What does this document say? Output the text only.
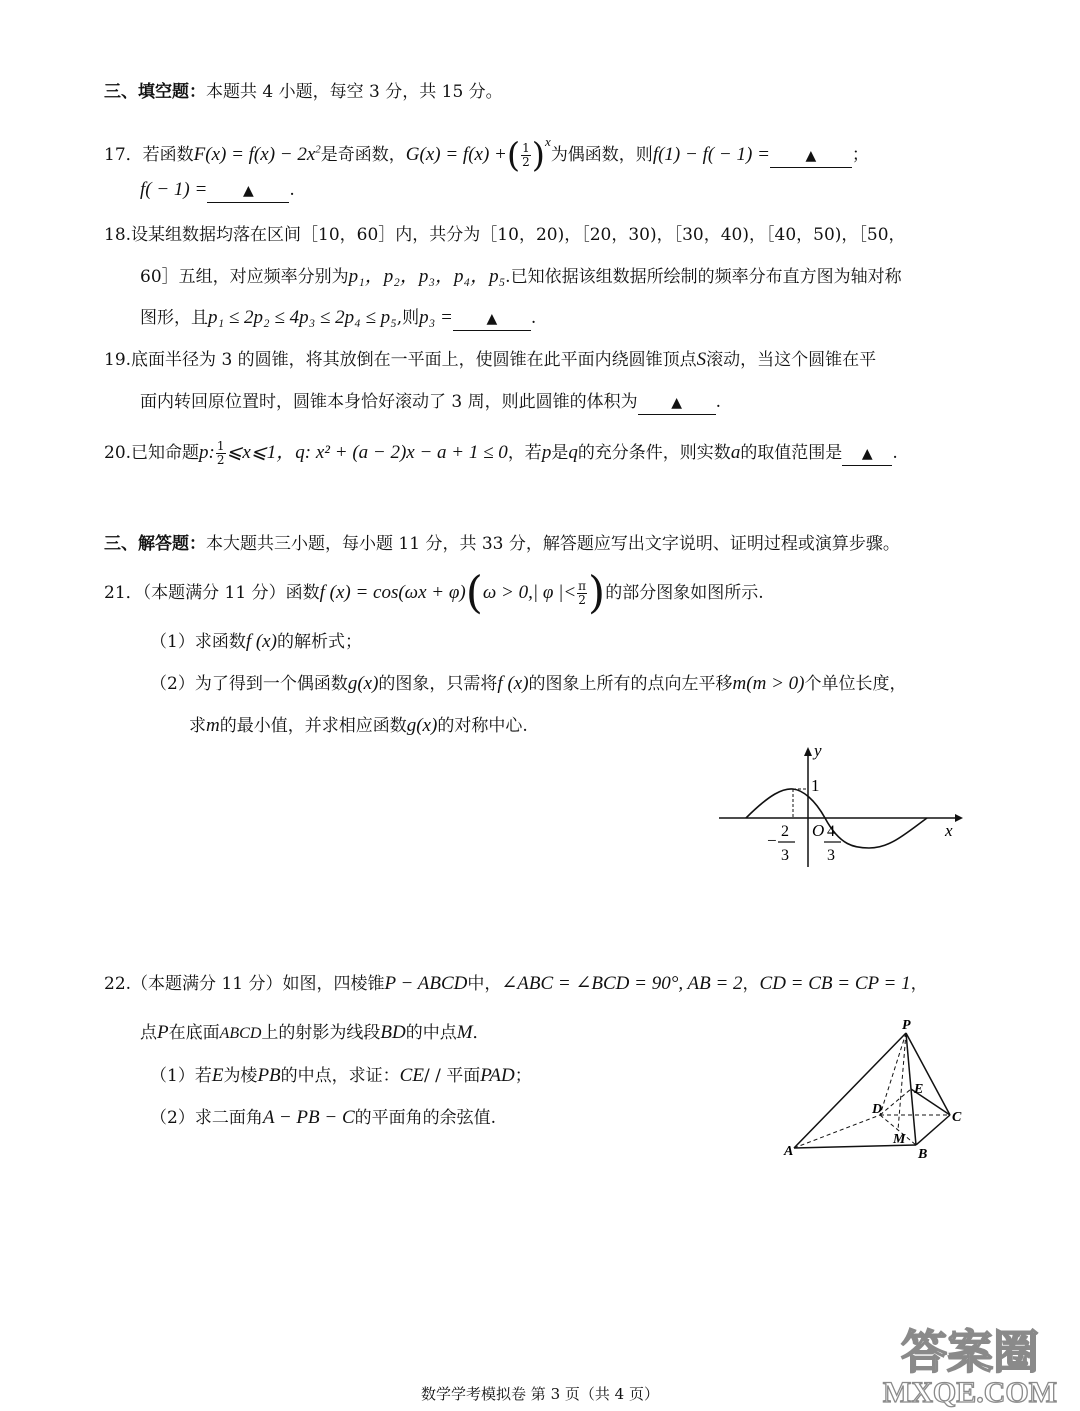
三、填空题：本题共 4 小题，每空 3 分，共 15 分。
17．若函数$F(x) = f(x) - 2x^2$是奇函数，G(x) = f(x) +( $\frac{1}{2} )^x$为偶函数，则f(1) − f( − 1) =	▲ ；
f( − 1) =	▲ .
18.设某组数据均落在区间［10，60］内，共分为［10，20)，［20，30)，［30，40)，［40，50)，［50，
60］五组，对应频率分别为p₁，p₂，p₃，p₄，p₅.已知依据该组数据所绘制的频率分布直方图为轴对称
图形，且p₁ ≤ 2p₂ ≤ 4p₃ ≤ 2p₄ ≤ p₅,则p₃ = ▲ .
19.底面半径为 3 的圆锥，将其放倒在一平面上，使圆锥在此平面内绕圆锥顶点S滚动，当这个圆锥在平
面内转回原位置时，圆锥本身恰好滚动了 3 周，则此圆锥的体积为 ▲ .
20.已知命题p: $\frac{1}{2}$ ⩽x⩽1，q: x² + (a − 2)x − a + 1 ≤ 0，若p是q的充分条件，则实数a的取值范围是 ▲ .
三、解答题：本大题共三小题，每小题 11 分，共 33 分，解答题应写出文字说明、证明过程或演算步骤。
21．（本题满分 11 分）函数f (x) = cos(ωx + φ)(ω > 0,| φ |< $\frac{\pi}{2}$ )的部分图象如图所示.
（1）求函数f (x)的解析式；
（2）为了得到一个偶函数g(x)的图象，只需将f (x)的图象上所有的点向左平移m(m > 0)个单位长度，
求m的最小值，并求相应函数g(x)的对称中心.
y
x
1
O
− 2
3
4
3
22.（本题满分 11 分）如图，四棱锥P − ABCD中，∠ABC = ∠BCD = 90°, AB = 2，CD = CB = CP = 1，
点P在底面ABCD上的射影为线段BD的中点M．
（1）若E为棱PB的中点，求证：CE/ / 平面PAD；
（2）求二面角A − PB − C的平面角的余弦值.
P
A	B
C
D
E
M
答案圈
MXQE.COM
数学学考模拟卷 第 3 页（共 4 页）
